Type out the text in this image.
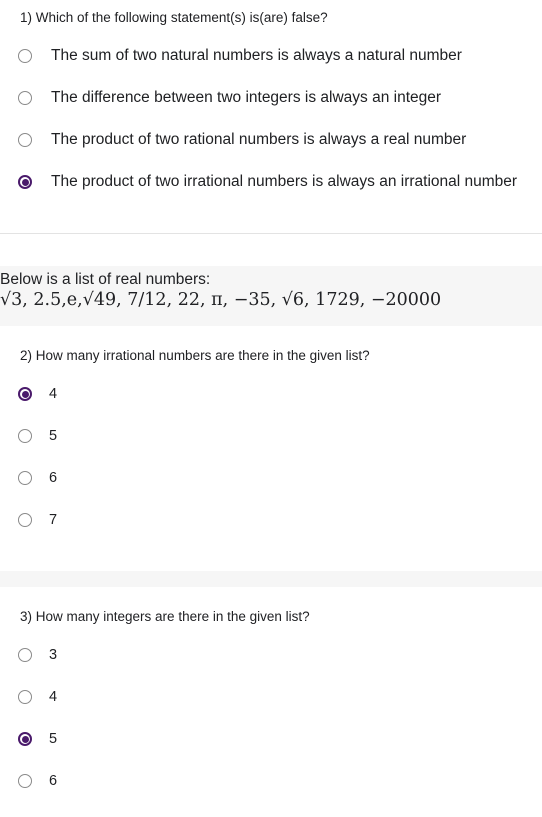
1) Which of the following statement(s) is(are) false?
The sum of two natural numbers is always a natural number
The difference between two integers is always an integer
The product of two rational numbers is always a real number
The product of two irrational numbers is always an irrational number
Below is a list of real numbers:
√3, 2.5,e,√49, 7/12, 22, π, −35, √6, 1729, −20000
2) How many irrational numbers are there in the given list?
4
5
6
7
3) How many integers are there in the given list?
3
4
5
6
